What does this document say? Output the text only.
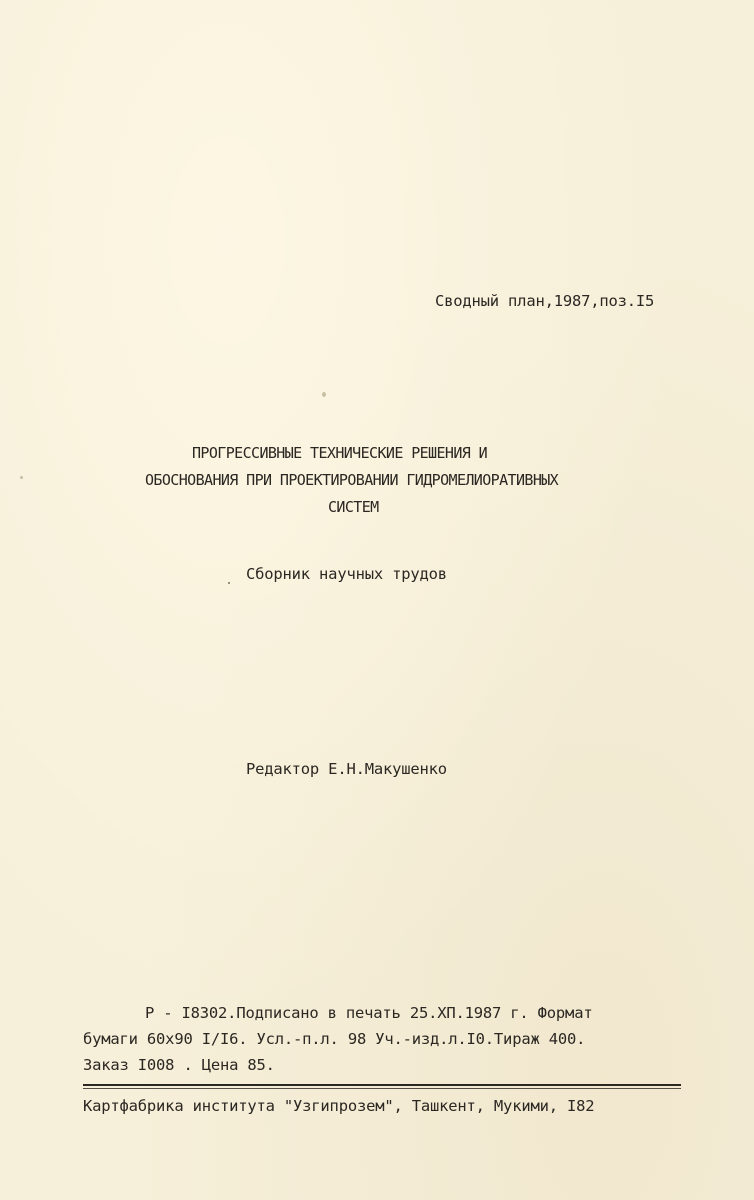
Сводный план,1987,поз.I5
ПРОГРЕССИВНЫЕ ТЕХНИЧЕСКИЕ РЕШЕНИЯ И
ОБОСНОВАНИЯ ПРИ ПРОЕКТИРОВАНИИ ГИДРОМЕЛИОРАТИВНЫХ
СИСТЕМ
Сборник научных трудов
Редактор Е.Н.Макушенко
Р - I8302.Подписано в печать 25.XП.1987 г. Формат
бумаги 60x90 I/I6. Усл.-п.л. 98 Уч.-изд.л.I0.Тираж 400.
Заказ I008 . Цена 85.
Картфабрика института "Узгипрозем", Ташкент, Мукими, I82
